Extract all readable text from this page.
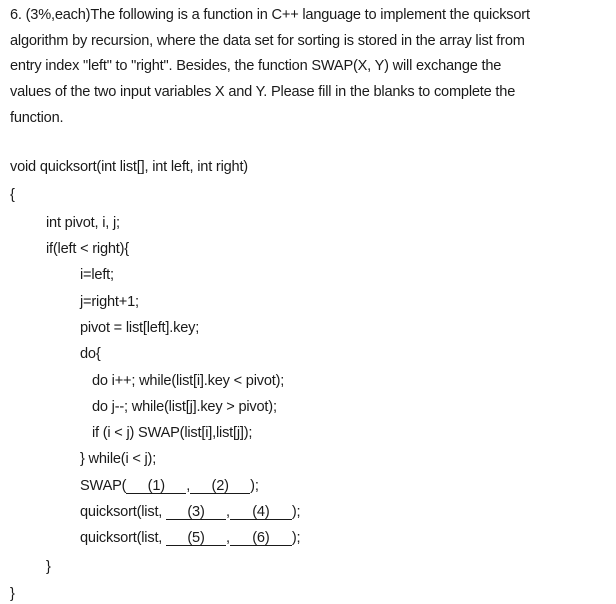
6. (3%,each)The following is a function in C++ language to implement the quicksort
algorithm by recursion, where the data set for sorting is stored in the array list from
entry index "left" to "right". Besides, the function SWAP(X, Y) will exchange the
values of the two input variables X and Y. Please fill in the blanks to complete the
function.
void quicksort(int list[], int left, int right)
{
int pivot, i, j;
if(left < right){
i=left;
j=right+1;
pivot = list[left].key;
do{
do i++; while(list[i].key < pivot);
do j--; while(list[j].key > pivot);
if (i < j) SWAP(list[i],list[j]);
} while(i < j);
SWAP( (1) , (2) );
quicksort(list, (3) , (4) );
quicksort(list, (5) , (6) );
}
}
